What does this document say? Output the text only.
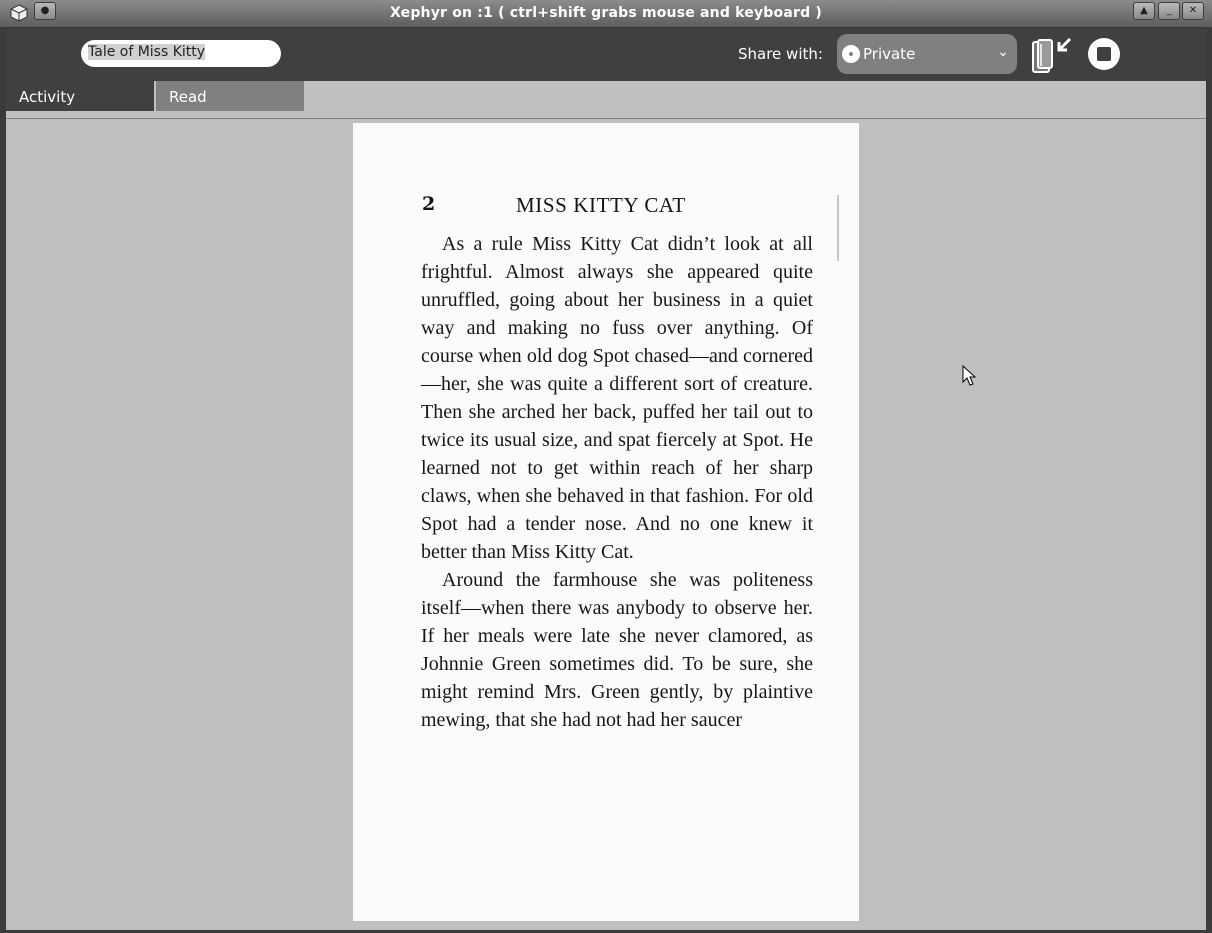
●	Xephyr on :1 ( ctrl+shift grabs mouse and keyboard )	▲	_	✕
Tale of Miss Kitty	Share with:	Private	⌄
Activity	Read
2	MISS KITTY CAT

As a rule Miss Kitty Cat didn’t look at all frightful. Almost always she appeared quite unruffled, going about her business in a quiet way and making no fuss over anything. Of course when old dog Spot chased—and cornered—her, she was quite a different sort of creature. Then she arched her back, puffed her tail out to twice its usual size, and spat fiercely at Spot. He learned not to get within reach of her sharp claws, when she behaved in that fashion. For old Spot had a tender nose. And no one knew it better than Miss Kitty Cat.

Around the farmhouse she was politeness itself—when there was anybody to observe her. If her meals were late she never clamored, as Johnnie Green sometimes did. To be sure, she might remind Mrs. Green gently, by plaintive mewing, that she had not had her saucer
